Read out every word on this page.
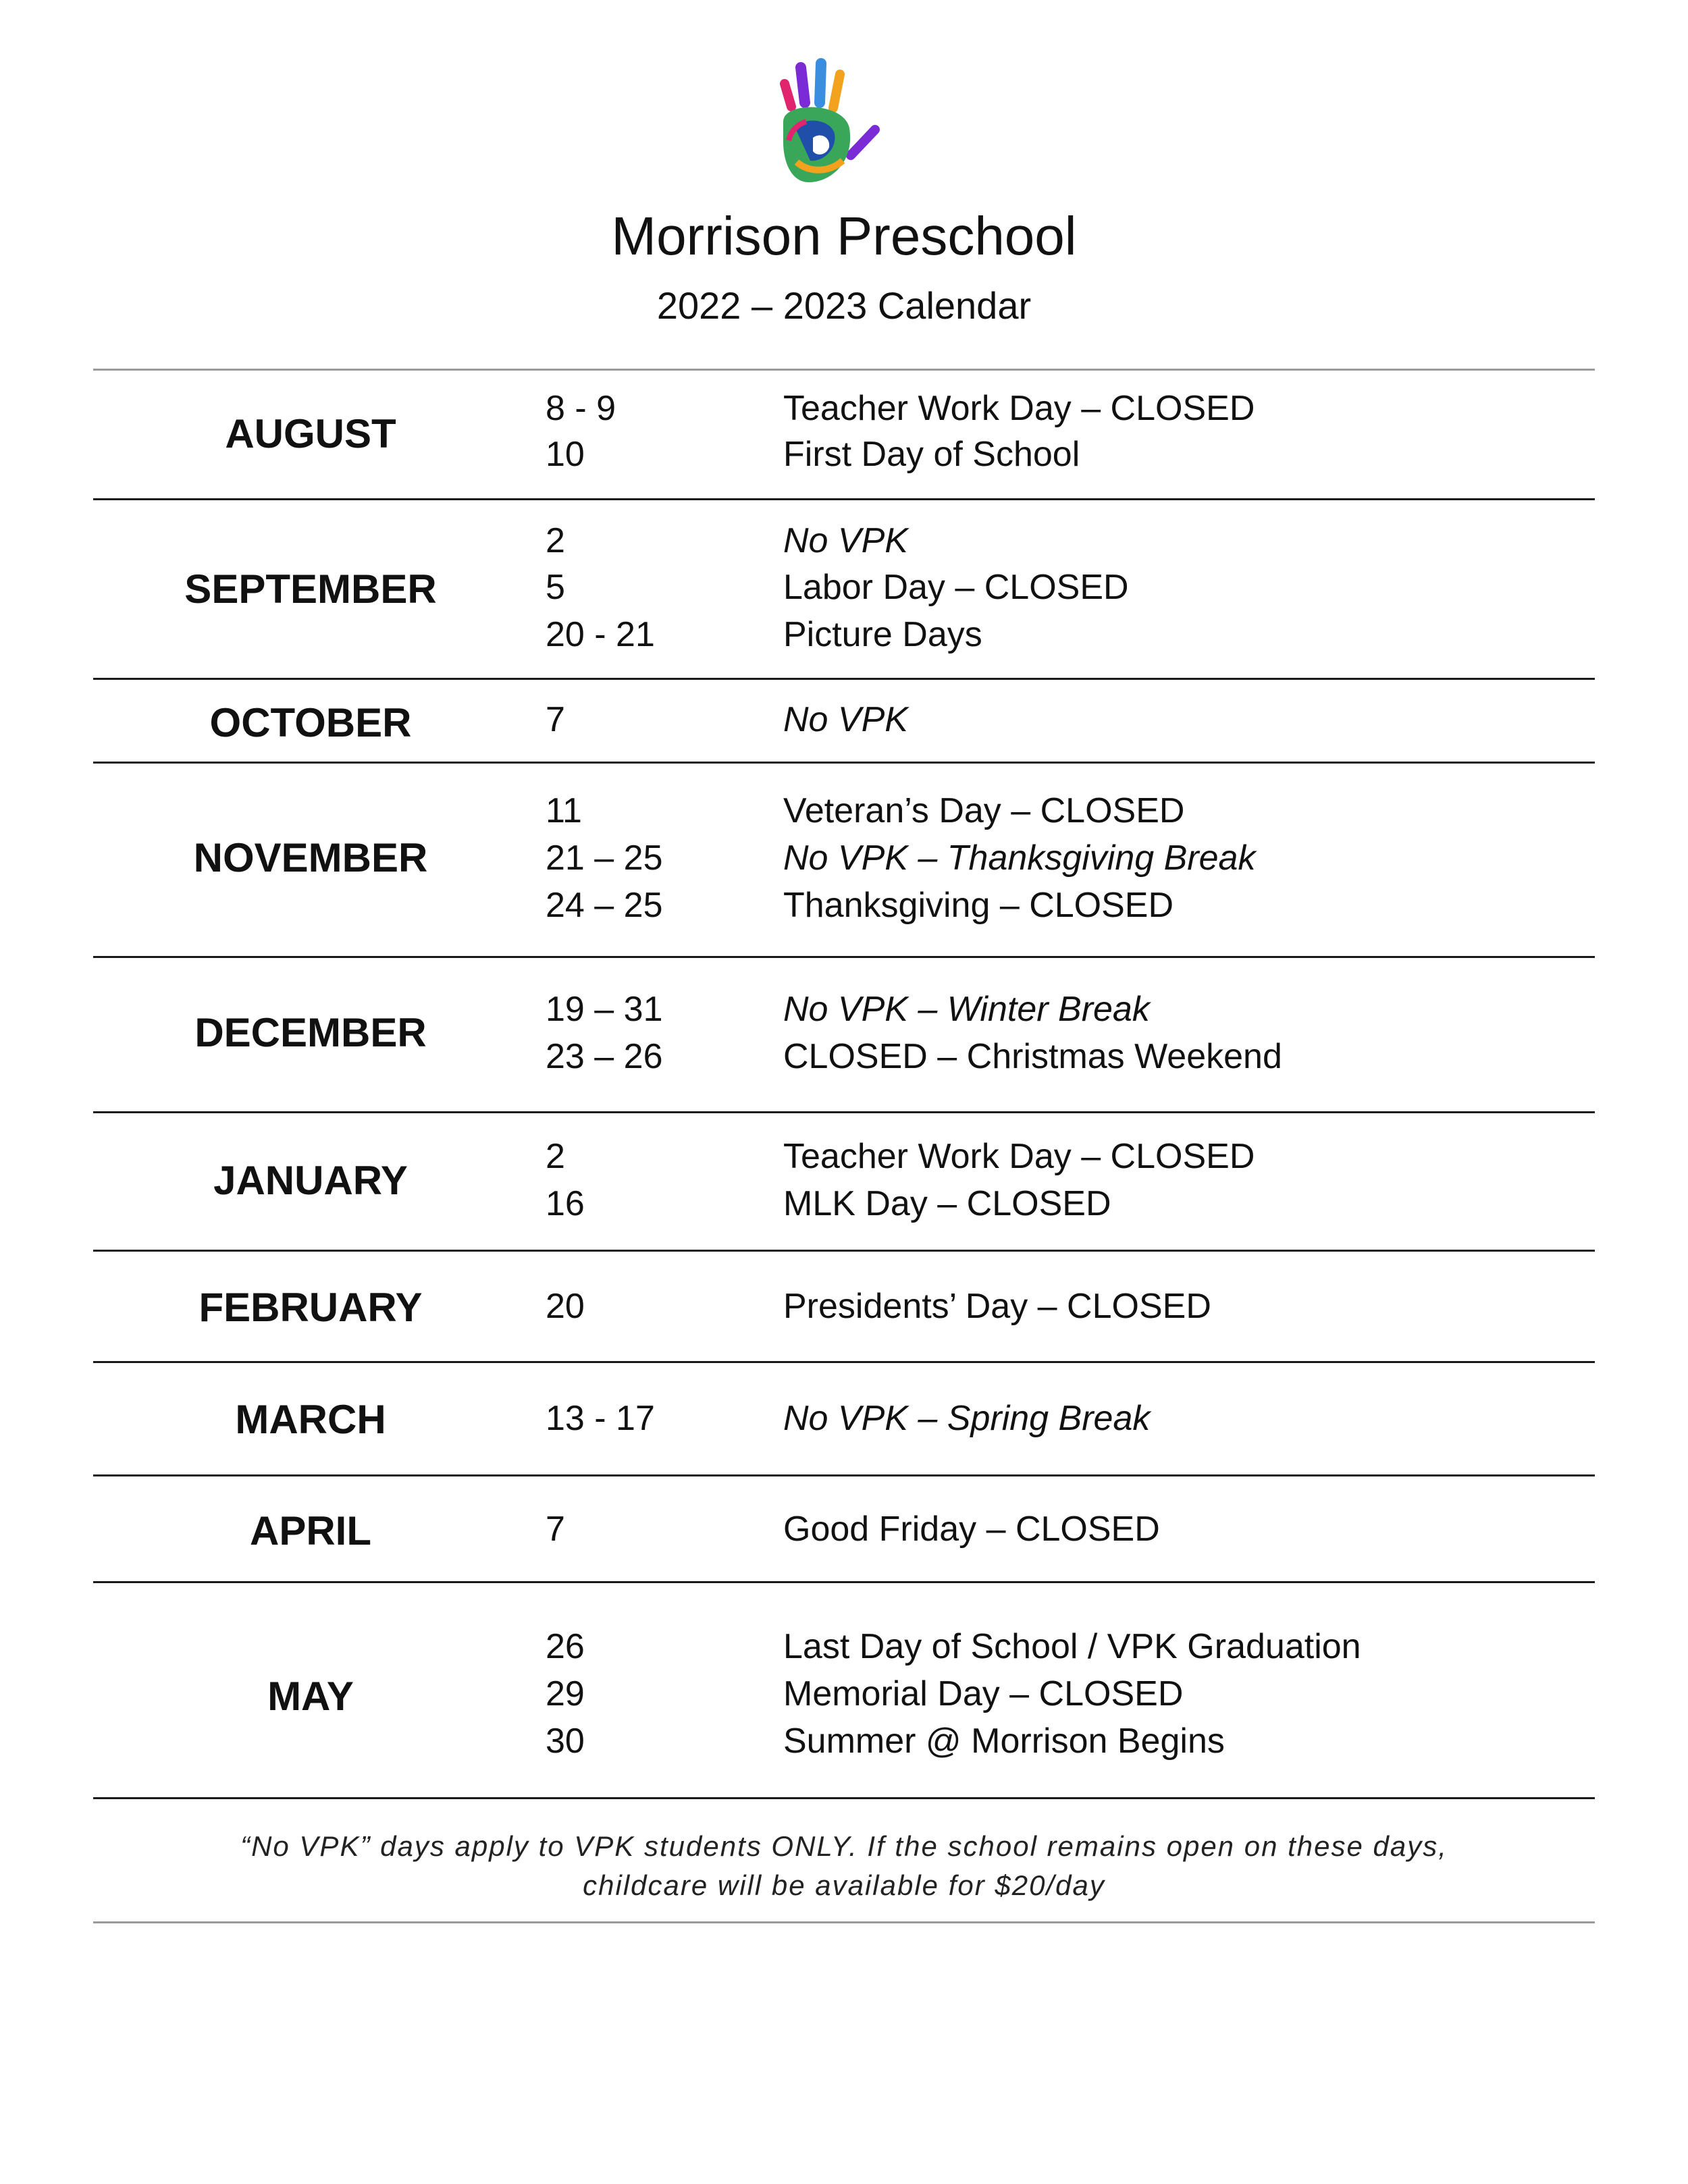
Morrison Preschool
2022 – 2023 Calendar
AUGUST
8 - 9	Teacher Work Day – CLOSED
10	First Day of School
SEPTEMBER
2	No VPK
5	Labor Day – CLOSED
20 - 21	Picture Days
OCTOBER	7	No VPK
NOVEMBER
11	Veteran’s Day – CLOSED
21 – 25	No VPK – Thanksgiving Break
24 – 25	Thanksgiving – CLOSED
DECEMBER
19 – 31	No VPK – Winter Break
23 – 26	CLOSED – Christmas Weekend
JANUARY
2	Teacher Work Day – CLOSED
16	MLK Day – CLOSED
FEBRUARY	20	Presidents’ Day – CLOSED
MARCH	13 - 17	No VPK – Spring Break
APRIL	7	Good Friday – CLOSED
MAY
26	Last Day of School / VPK Graduation
29	Memorial Day – CLOSED
30	Summer @ Morrison Begins
“No VPK” days apply to VPK students ONLY. If the school remains open on these days,
childcare will be available for $20/day
